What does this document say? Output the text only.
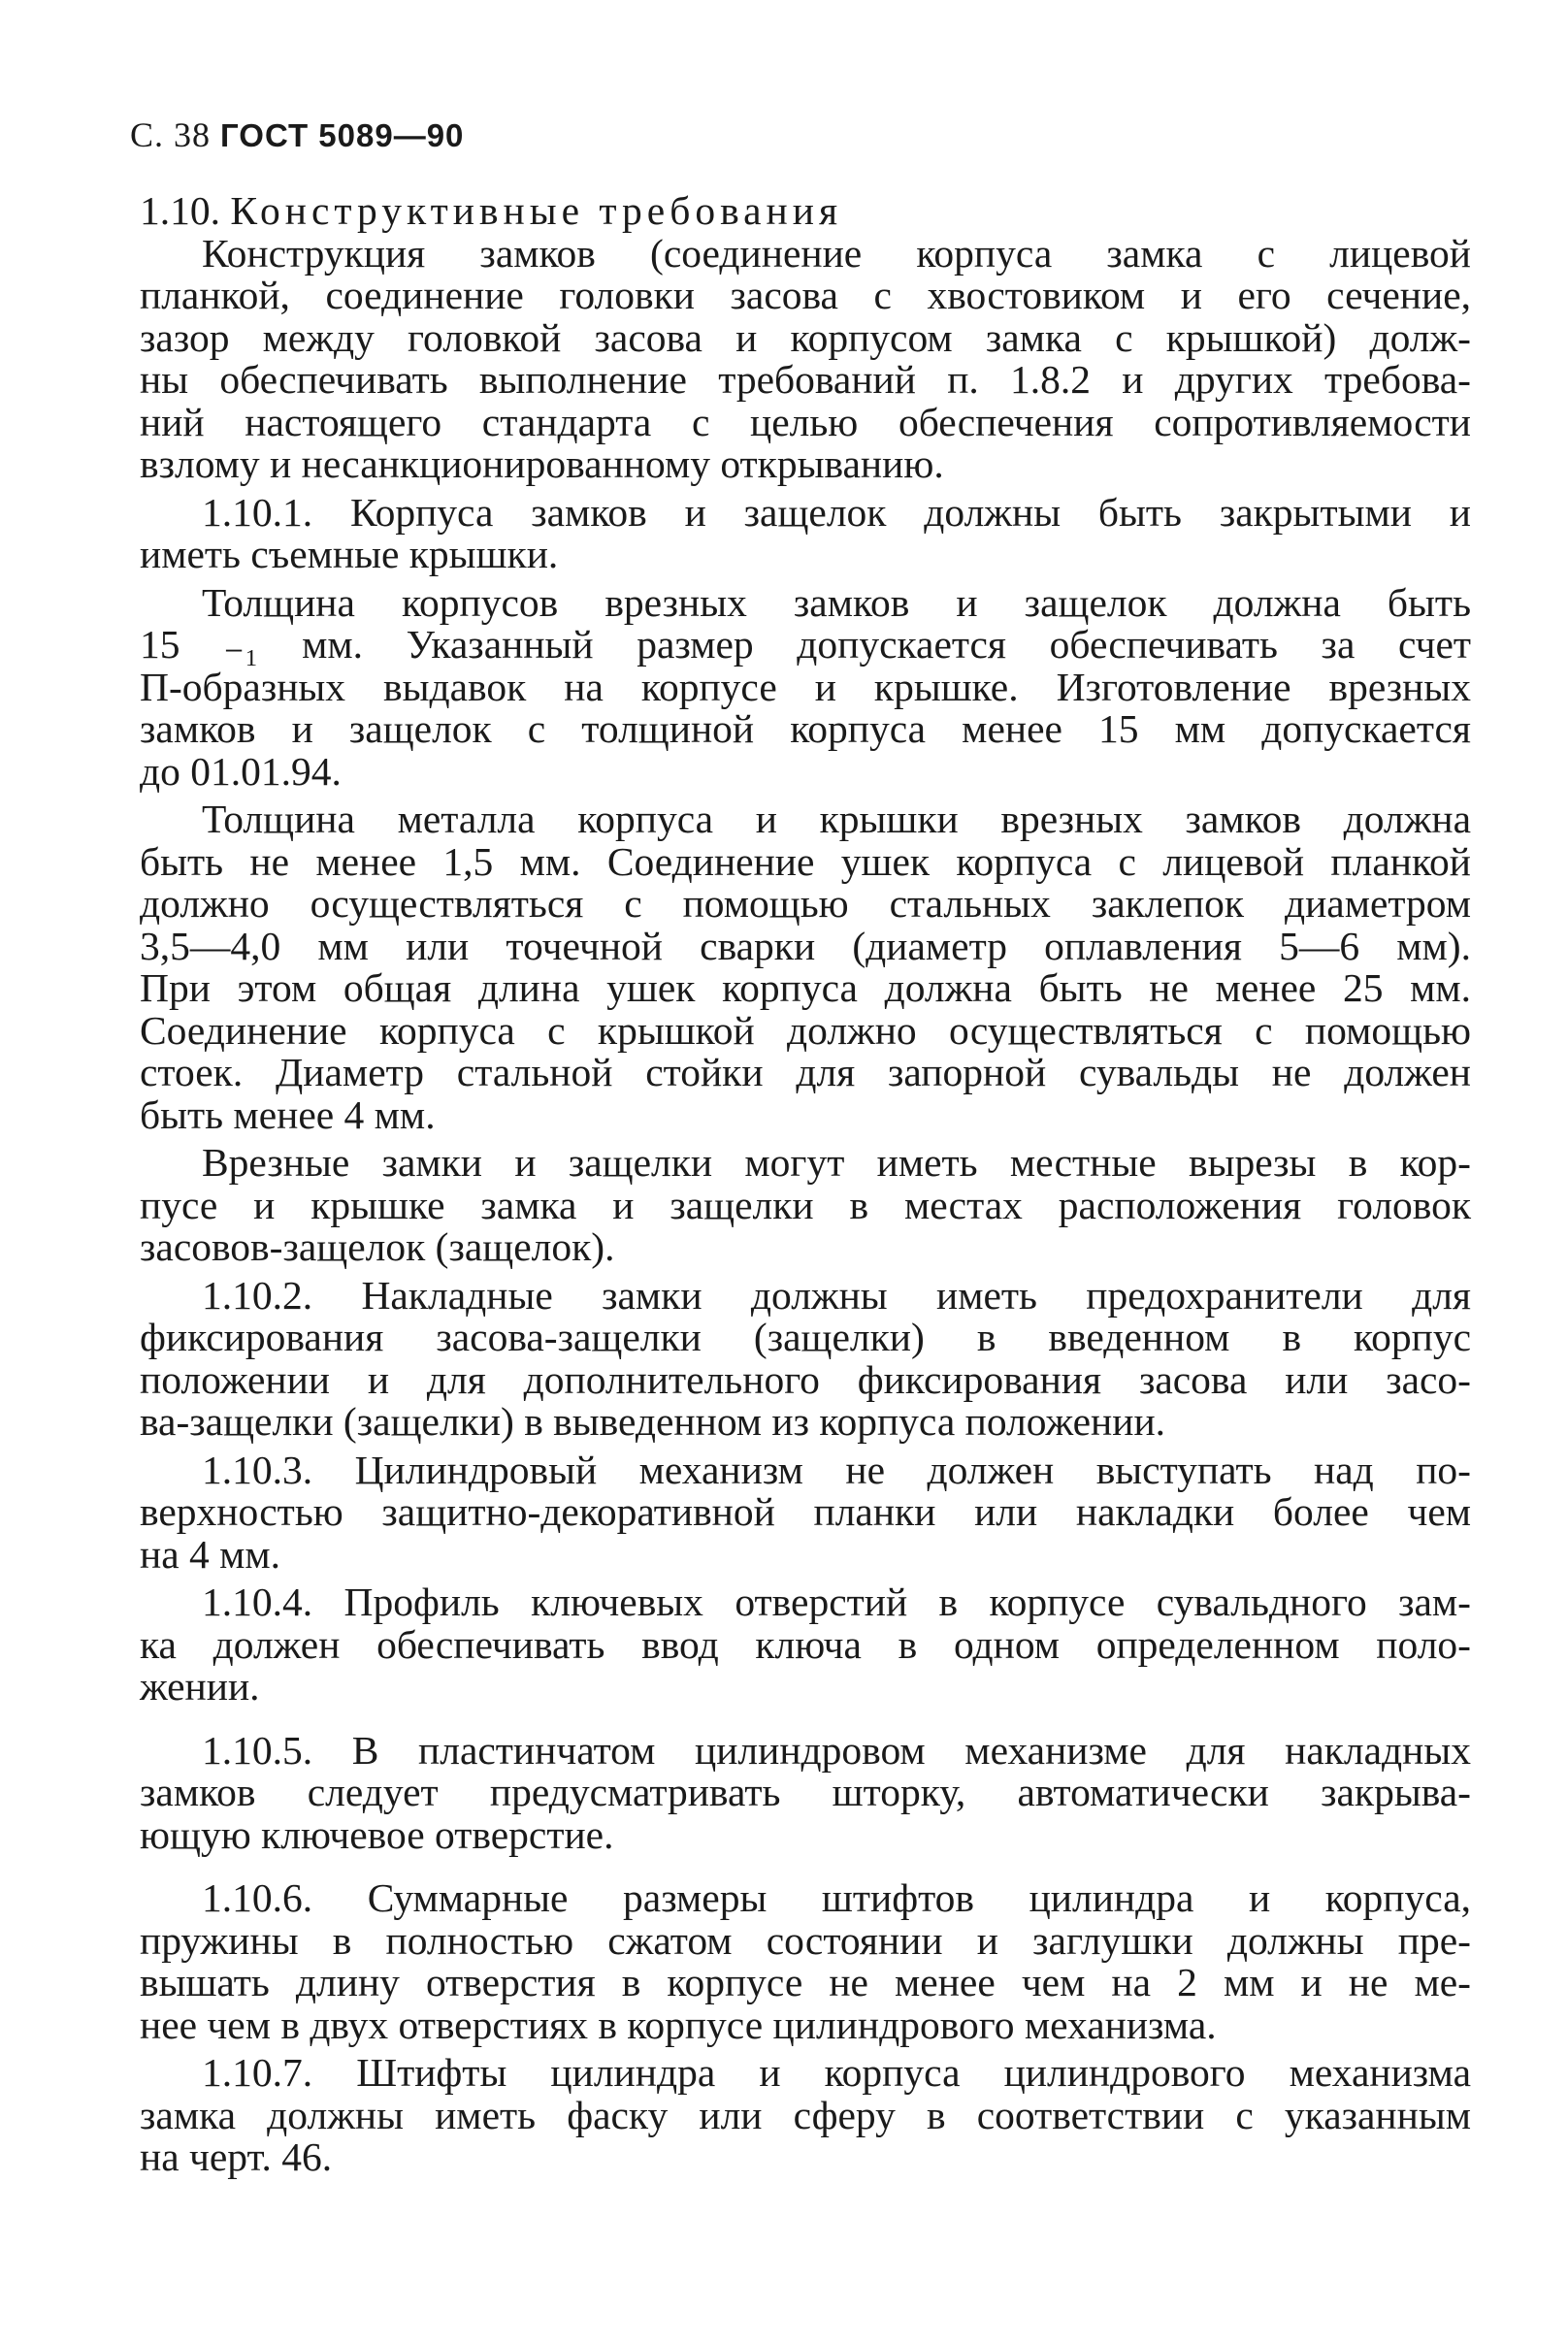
С. 38 ГОСТ 5089—90
1.10. Конструктивные требования
Конструкция замков (соединение корпуса замка с лицевой
планкой, соединение головки засова с хвостовиком и его сечение,
зазор между головкой засова и корпусом замка с крышкой) долж-
ны обеспечивать выполнение требований п. 1.8.2 и других требова-
ний настоящего стандарта с целью обеспечения сопротивляемости
взлому и несанкционированному открыванию.
1.10.1. Корпуса замков и защелок должны быть закрытыми и
иметь съемные крышки.
Толщина корпусов врезных замков и защелок должна быть
15 ₋₁ мм. Указанный размер допускается обеспечивать за счет
П-образных выдавок на корпусе и крышке. Изготовление врезных
замков и защелок с толщиной корпуса менее 15 мм допускается
до 01.01.94.
Толщина металла корпуса и крышки врезных замков должна
быть не менее 1,5 мм. Соединение ушек корпуса с лицевой планкой
должно осуществляться с помощью стальных заклепок диаметром
3,5—4,0 мм или точечной сварки (диаметр оплавления 5—6 мм).
При этом общая длина ушек корпуса должна быть не менее 25 мм.
Соединение корпуса с крышкой должно осуществляться с помощью
стоек. Диаметр стальной стойки для запорной сувальды не должен
быть менее 4 мм.
Врезные замки и защелки могут иметь местные вырезы в кор-
пусе и крышке замка и защелки в местах расположения головок
засовов-защелок (защелок).
1.10.2. Накладные замки должны иметь предохранители для
фиксирования засова-защелки (защелки) в введенном в корпус
положении и для дополнительного фиксирования засова или засо-
ва-защелки (защелки) в выведенном из корпуса положении.
1.10.3. Цилиндровый механизм не должен выступать над по-
верхностью защитно-декоративной планки или накладки более чем
на 4 мм.
1.10.4. Профиль ключевых отверстий в корпусе сувальдного зам-
ка должен обеспечивать ввод ключа в одном определенном поло-
жении.
1.10.5. В пластинчатом цилиндровом механизме для накладных
замков следует предусматривать шторку, автоматически закрыва-
ющую ключевое отверстие.
1.10.6. Суммарные размеры штифтов цилиндра и корпуса,
пружины в полностью сжатом состоянии и заглушки должны пре-
вышать длину отверстия в корпусе не менее чем на 2 мм и не ме-
нее чем в двух отверстиях в корпусе цилиндрового механизма.
1.10.7. Штифты цилиндра и корпуса цилиндрового механизма
замка должны иметь фаску или сферу в соответствии с указанным
на черт. 46.
